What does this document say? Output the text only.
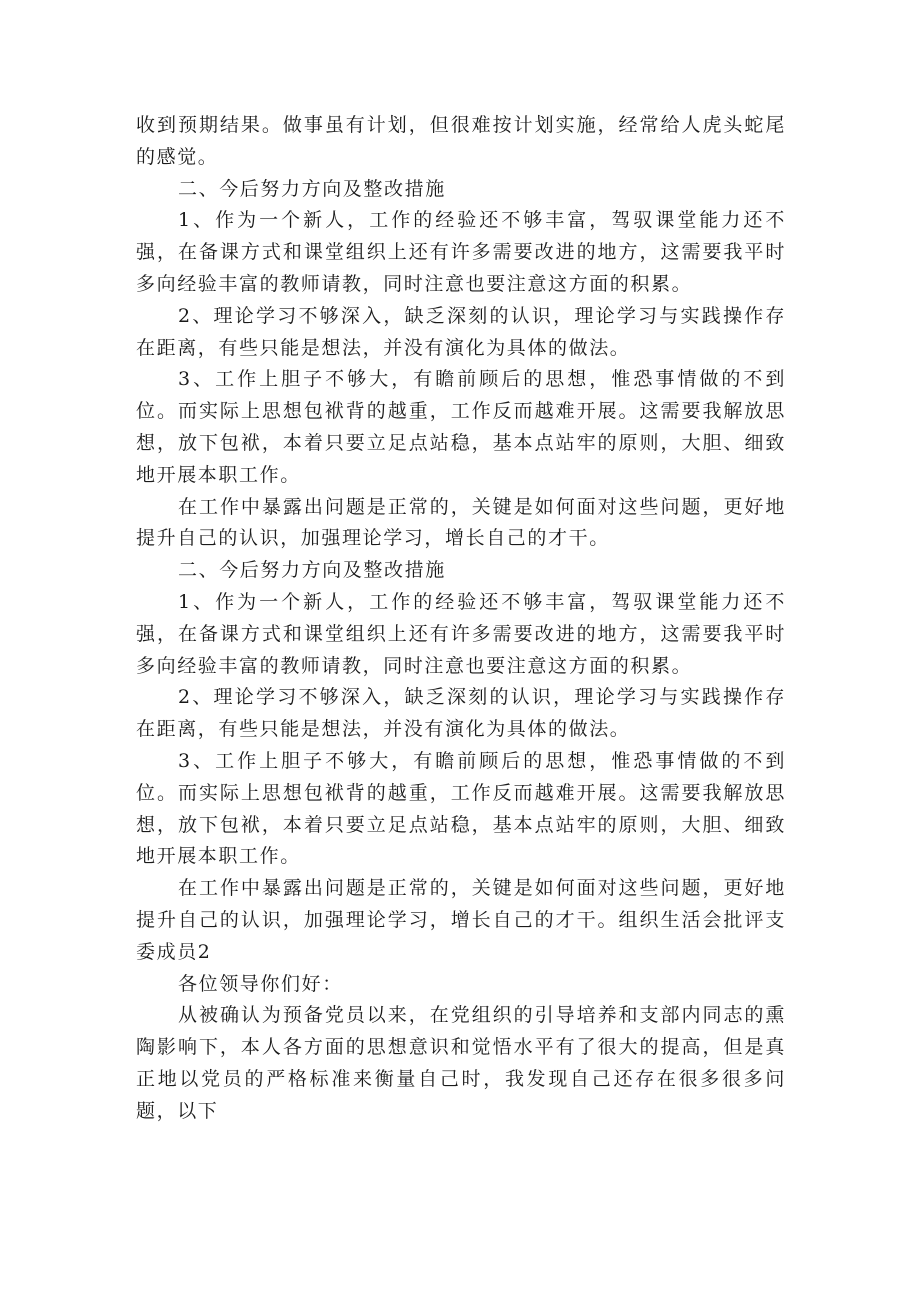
收到预期结果。做事虽有计划，但很难按计划实施，经常给人虎头蛇尾的感觉。

二、今后努力方向及整改措施

1、作为一个新人，工作的经验还不够丰富，驾驭课堂能力还不强，在备课方式和课堂组织上还有许多需要改进的地方，这需要我平时多向经验丰富的教师请教，同时注意也要注意这方面的积累。

2、理论学习不够深入，缺乏深刻的认识，理论学习与实践操作存在距离，有些只能是想法，并没有演化为具体的做法。

3、工作上胆子不够大，有瞻前顾后的思想，惟恐事情做的不到位。而实际上思想包袱背的越重，工作反而越难开展。这需要我解放思想，放下包袱，本着只要立足点站稳，基本点站牢的原则，大胆、细致地开展本职工作。

在工作中暴露出问题是正常的，关键是如何面对这些问题，更好地提升自己的认识，加强理论学习，增长自己的才干。

二、今后努力方向及整改措施

1、作为一个新人，工作的经验还不够丰富，驾驭课堂能力还不强，在备课方式和课堂组织上还有许多需要改进的地方，这需要我平时多向经验丰富的教师请教，同时注意也要注意这方面的积累。

2、理论学习不够深入，缺乏深刻的认识，理论学习与实践操作存在距离，有些只能是想法，并没有演化为具体的做法。

3、工作上胆子不够大，有瞻前顾后的思想，惟恐事情做的不到位。而实际上思想包袱背的越重，工作反而越难开展。这需要我解放思想，放下包袱，本着只要立足点站稳，基本点站牢的原则，大胆、细致地开展本职工作。

在工作中暴露出问题是正常的，关键是如何面对这些问题，更好地提升自己的认识，加强理论学习，增长自己的才干。组织生活会批评支委成员2

各位领导你们好：

从被确认为预备党员以来，在党组织的引导培养和支部内同志的熏陶影响下，本人各方面的思想意识和觉悟水平有了很大的提高，但是真正地以党员的严格标准来衡量自己时，我发现自己还存在很多很多问题，以下
